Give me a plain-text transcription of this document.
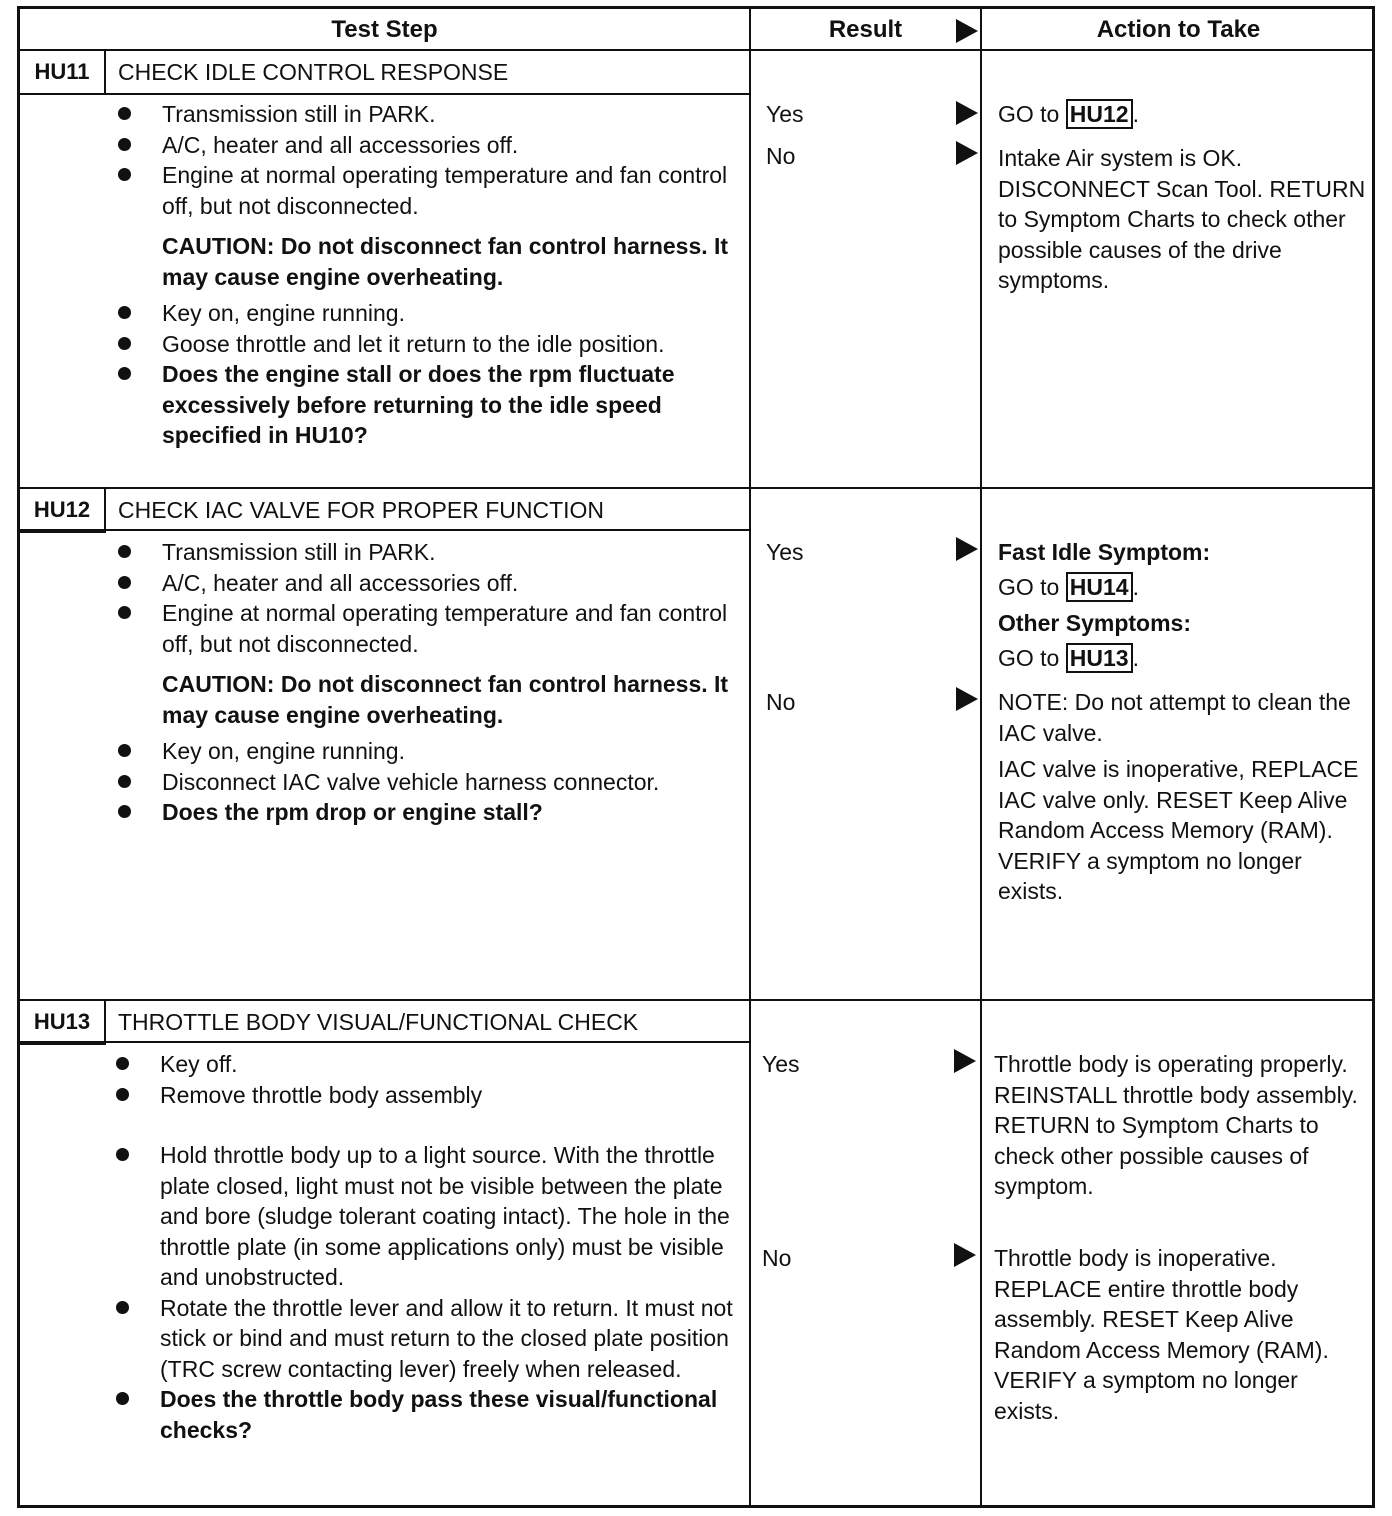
Test Step	Result	Action to Take
HU11 CHECK IDLE CONTROL RESPONSE
Transmission still in PARK.
A/C, heater and all accessories off.
Engine at normal operating temperature and fan control off, but not disconnected.
CAUTION: Do not disconnect fan control harness. It may cause engine overheating.
Key on, engine running.
Goose throttle and let it return to the idle position.
Does the engine stall or does the rpm fluctuate excessively before returning to the idle speed specified in HU10?
Yes
No
GO to HU12 .
Intake Air system is OK. DISCONNECT Scan Tool. RETURN to Symptom Charts to check other possible causes of the drive symptoms.
HU12 CHECK IAC VALVE FOR PROPER FUNCTION
Transmission still in PARK.
A/C, heater and all accessories off.
Engine at normal operating temperature and fan control off, but not disconnected.
CAUTION: Do not disconnect fan control harness. It may cause engine overheating.
Key on, engine running.
Disconnect IAC valve vehicle harness connector.
Does the rpm drop or engine stall?
Yes
No
Fast Idle Symptom:
GO to HU14 .
Other Symptoms:
GO to HU13 .
NOTE: Do not attempt to clean the IAC valve.
IAC valve is inoperative, REPLACE IAC valve only. RESET Keep Alive Random Access Memory (RAM). VERIFY a symptom no longer exists.
HU13 THROTTLE BODY VISUAL/FUNCTIONAL CHECK
Key off.
Remove throttle body assembly
Hold throttle body up to a light source. With the throttle plate closed, light must not be visible between the plate and bore (sludge tolerant coating intact). The hole in the throttle plate (in some applications only) must be visible and unobstructed.
Rotate the throttle lever and allow it to return. It must not stick or bind and must return to the closed plate position (TRC screw contacting lever) freely when released.
Does the throttle body pass these visual/functional checks?
Yes
No
Throttle body is operating properly. REINSTALL throttle body assembly. RETURN to Symptom Charts to check other possible causes of symptom.
Throttle body is inoperative. REPLACE entire throttle body assembly. RESET Keep Alive Random Access Memory (RAM). VERIFY a symptom no longer exists.
